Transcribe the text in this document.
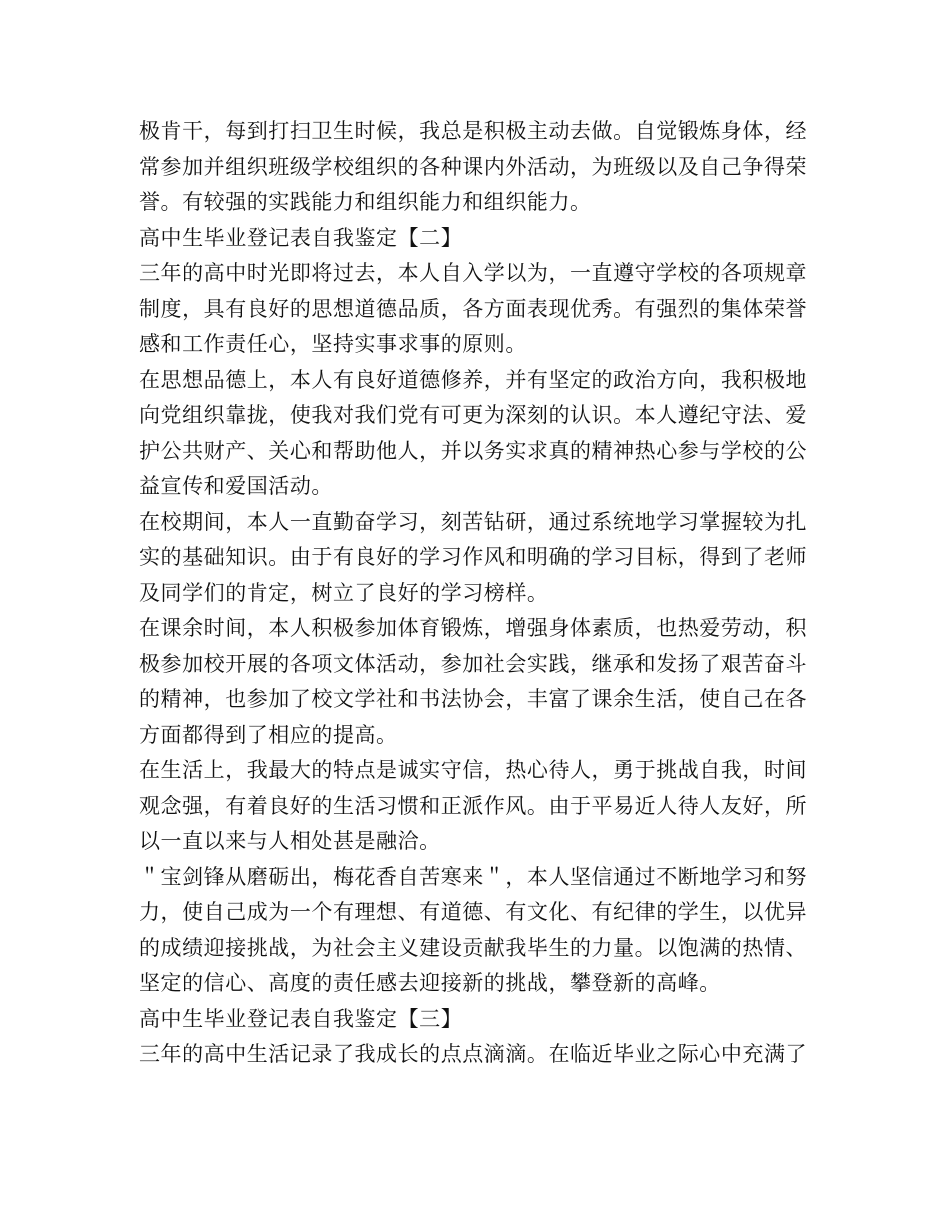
极肯干，每到打扫卫生时候，我总是积极主动去做。自觉锻炼身体，经
常参加并组织班级学校组织的各种课内外活动，为班级以及自己争得荣
誉。有较强的实践能力和组织能力和组织能力。
高中生毕业登记表自我鉴定【二】
三年的高中时光即将过去，本人自入学以为，一直遵守学校的各项规章
制度，具有良好的思想道德品质，各方面表现优秀。有强烈的集体荣誉
感和工作责任心，坚持实事求事的原则。
在思想品德上，本人有良好道德修养，并有坚定的政治方向，我积极地
向党组织靠拢，使我对我们党有可更为深刻的认识。本人遵纪守法、爱
护公共财产、关心和帮助他人，并以务实求真的精神热心参与学校的公
益宣传和爱国活动。
在校期间，本人一直勤奋学习，刻苦钻研，通过系统地学习掌握较为扎
实的基础知识。由于有良好的学习作风和明确的学习目标，得到了老师
及同学们的肯定，树立了良好的学习榜样。
在课余时间，本人积极参加体育锻炼，增强身体素质，也热爱劳动，积
极参加校开展的各项文体活动，参加社会实践，继承和发扬了艰苦奋斗
的精神，也参加了校文学社和书法协会，丰富了课余生活，使自己在各
方面都得到了相应的提高。
在生活上，我最大的特点是诚实守信，热心待人，勇于挑战自我，时间
观念强，有着良好的生活习惯和正派作风。由于平易近人待人友好，所
以一直以来与人相处甚是融洽。
＂宝剑锋从磨砺出，梅花香自苦寒来＂，本人坚信通过不断地学习和努
力，使自己成为一个有理想、有道德、有文化、有纪律的学生，以优异
的成绩迎接挑战，为社会主义建设贡献我毕生的力量。以饱满的热情、
坚定的信心、高度的责任感去迎接新的挑战，攀登新的高峰。
高中生毕业登记表自我鉴定【三】
三年的高中生活记录了我成长的点点滴滴。在临近毕业之际心中充满了
